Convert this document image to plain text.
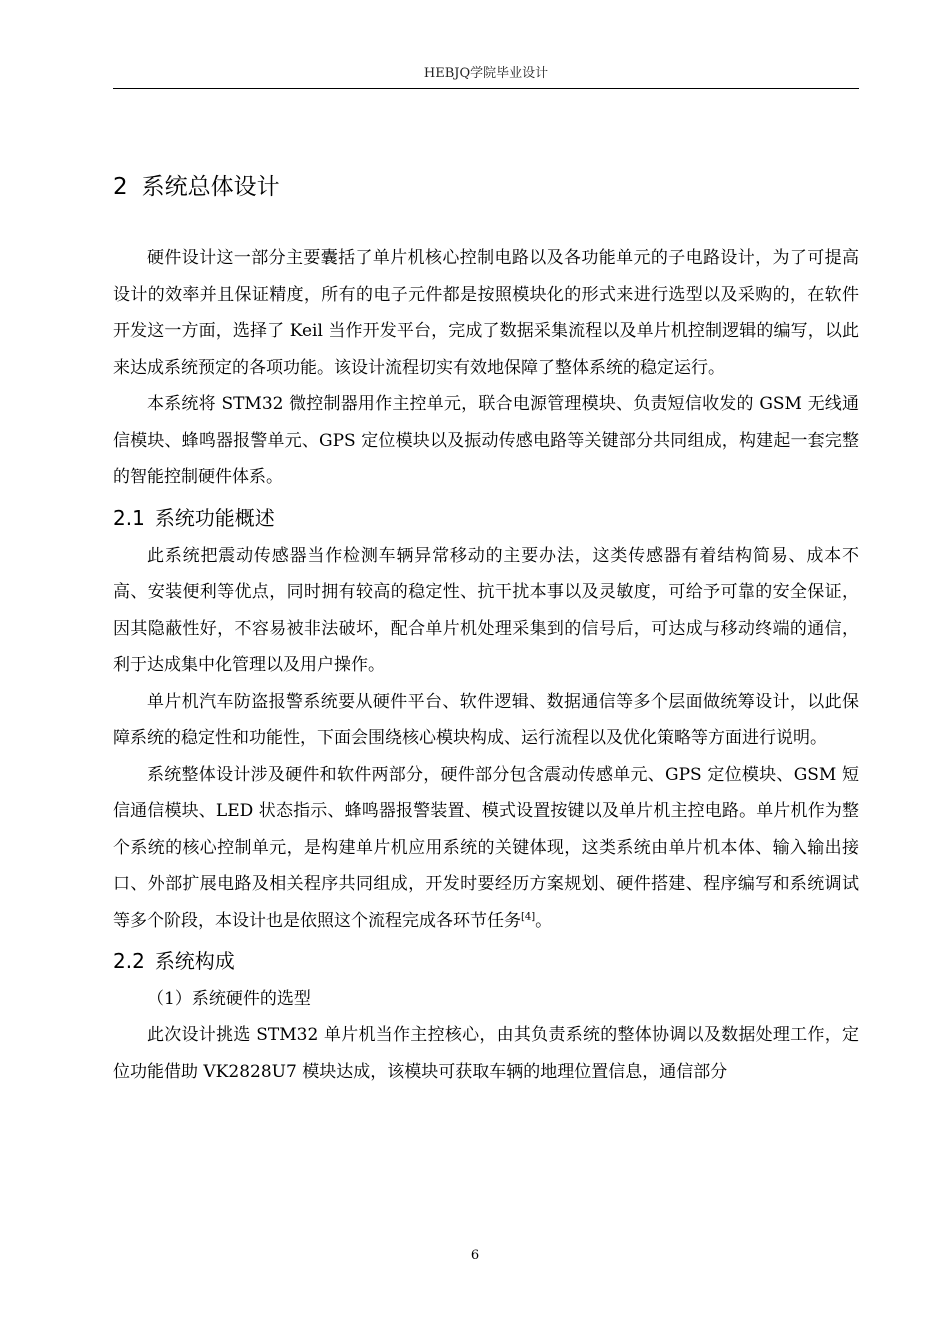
HEBJQ学院毕业设计
2 系统总体设计

硬件设计这一部分主要囊括了单片机核心控制电路以及各功能单元的子电路设计，为了可提高设计的效率并且保证精度，所有的电子元件都是按照模块化的形式来进行选型以及采购的，在软件开发这一方面，选择了 Keil 当作开发平台，完成了数据采集流程以及单片机控制逻辑的编写，以此来达成系统预定的各项功能。该设计流程切实有效地保障了整体系统的稳定运行。

本系统将 STM32 微控制器用作主控单元，联合电源管理模块、负责短信收发的 GSM 无线通信模块、蜂鸣器报警单元、GPS 定位模块以及振动传感电路等关键部分共同组成，构建起一套完整的智能控制硬件体系。

2.1 系统功能概述

此系统把震动传感器当作检测车辆异常移动的主要办法，这类传感器有着结构简易、成本不高、安装便利等优点，同时拥有较高的稳定性、抗干扰本事以及灵敏度，可给予可靠的安全保证，因其隐蔽性好，不容易被非法破坏，配合单片机处理采集到的信号后，可达成与移动终端的通信，利于达成集中化管理以及用户操作。

单片机汽车防盗报警系统要从硬件平台、软件逻辑、数据通信等多个层面做统筹设计，以此保障系统的稳定性和功能性，下面会围绕核心模块构成、运行流程以及优化策略等方面进行说明。

系统整体设计涉及硬件和软件两部分，硬件部分包含震动传感单元、GPS 定位模块、GSM 短信通信模块、LED 状态指示、蜂鸣器报警装置、模式设置按键以及单片机主控电路。单片机作为整个系统的核心控制单元，是构建单片机应用系统的关键体现，这类系统由单片机本体、输入输出接口、外部扩展电路及相关程序共同组成，开发时要经历方案规划、硬件搭建、程序编写和系统调试等多个阶段，本设计也是依照这个流程完成各环节任务[4]。

2.2 系统构成

（1）系统硬件的选型

此次设计挑选 STM32 单片机当作主控核心，由其负责系统的整体协调以及数据处理工作，定位功能借助 VK2828U7 模块达成，该模块可获取车辆的地理位置信息，通信部分

6
